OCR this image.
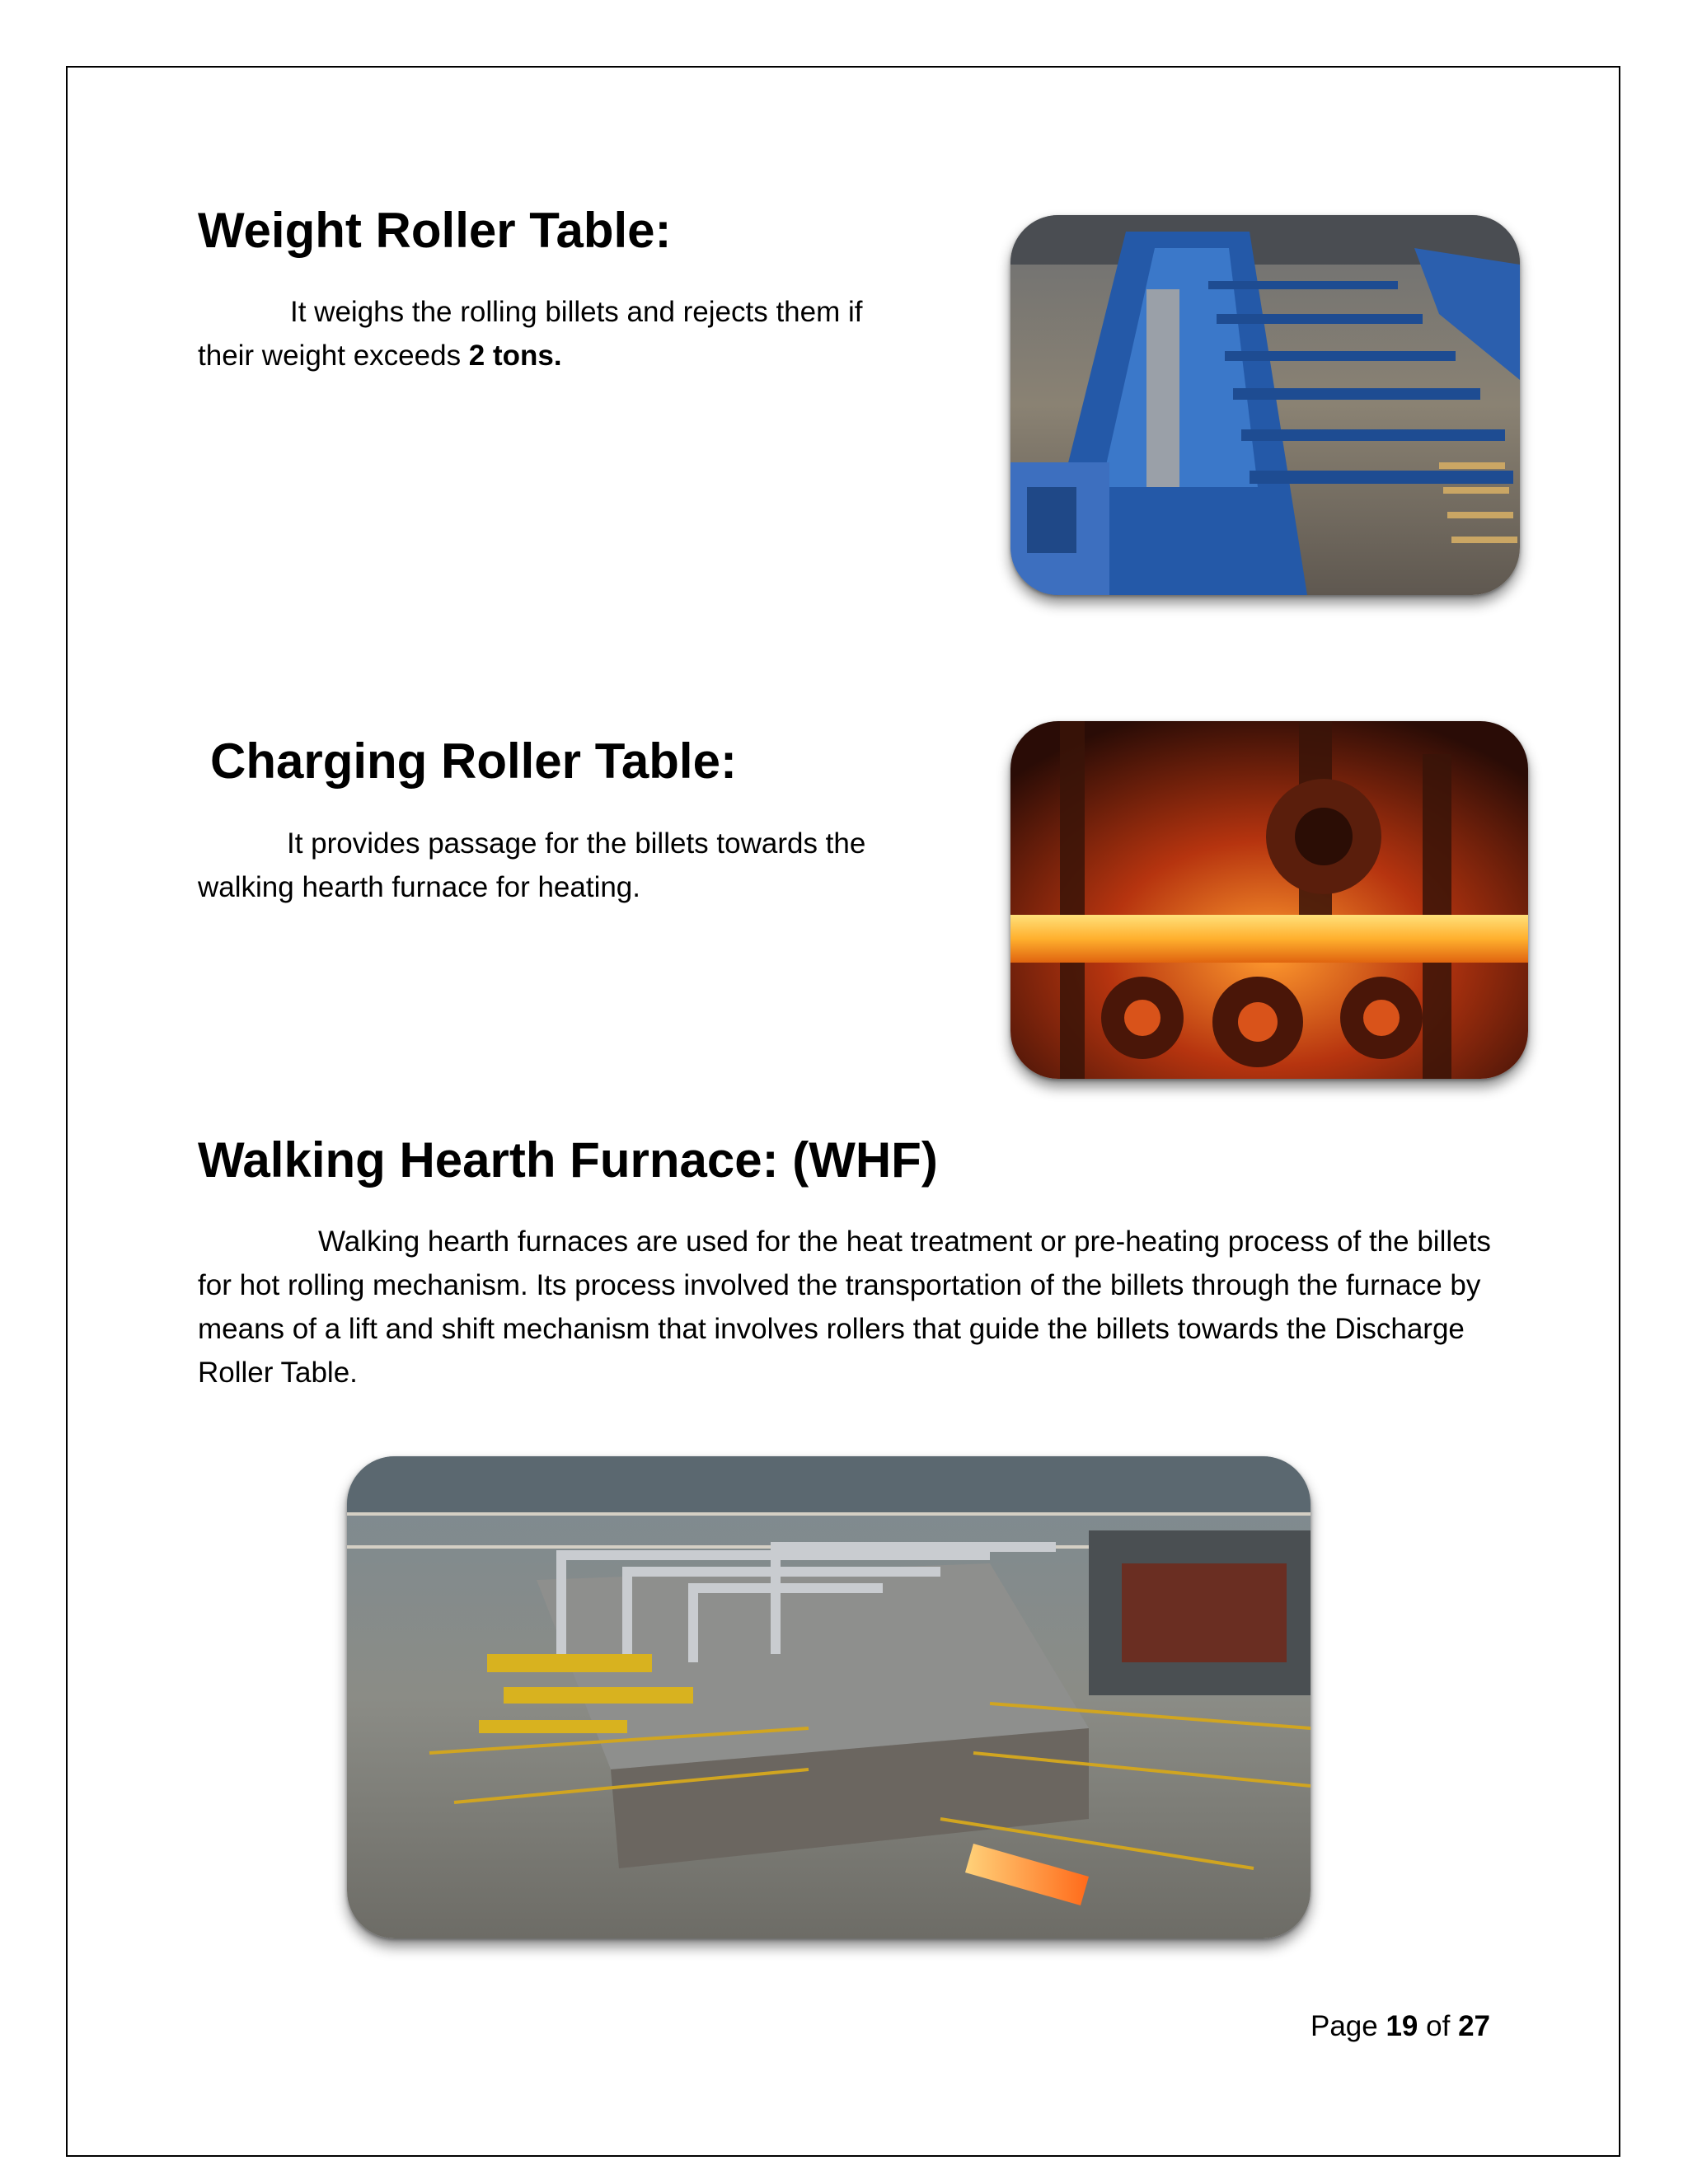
Weight Roller Table:

It weighs the rolling billets and rejects them if their weight exceeds 2 tons.

Charging Roller Table:

It provides passage for the billets towards the walking hearth furnace for heating.

Walking Hearth Furnace: (WHF)

Walking hearth furnaces are used for the heat treatment or pre-heating process of the billets for hot rolling mechanism. Its process involved the transportation of the billets through the furnace by means of a lift and shift mechanism that involves rollers that guide the billets towards the Discharge Roller Table.

Page 19 of 27
